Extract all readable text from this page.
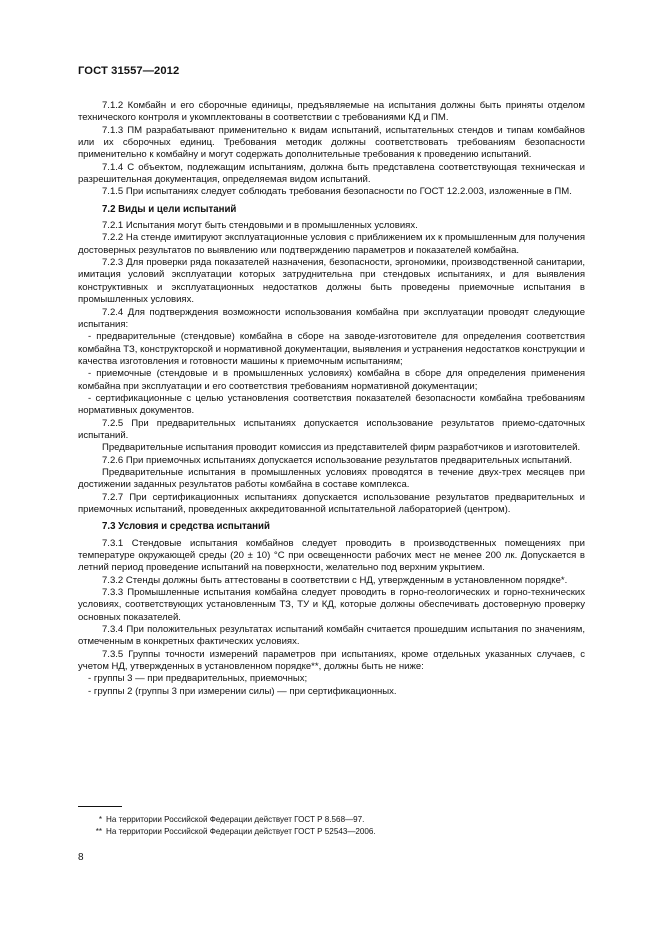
ГОСТ 31557—2012

7.1.2 Комбайн и его сборочные единицы, предъявляемые на испытания должны быть приняты отделом технического контроля и укомплектованы в соответствии с требованиями КД и ПМ.

7.1.3 ПМ разрабатывают применительно к видам испытаний, испытательных стендов и типам комбайнов или их сборочных единиц. Требования методик должны соответствовать требованиям безопасности применительно к комбайну и могут содержать дополнительные требования к проведению испытаний.

7.1.4 С объектом, подлежащим испытаниям, должна быть представлена соответствующая техническая и разрешительная документация, определяемая видом испытаний.

7.1.5 При испытаниях следует соблюдать требования безопасности по ГОСТ 12.2.003, изложенные в ПМ.

7.2 Виды и цели испытаний

7.2.1 Испытания могут быть стендовыми и в промышленных условиях.

7.2.2 На стенде имитируют эксплуатационные условия с приближением их к промышленным для получения достоверных результатов по выявлению или подтверждению параметров и показателей комбайна.

7.2.3 Для проверки ряда показателей назначения, безопасности, эргономики, производственной санитарии, имитация условий эксплуатации которых затруднительна при стендовых испытаниях, и для выявления конструктивных и эксплуатационных недостатков должны быть проведены приемочные испытания в промышленных условиях.

7.2.4 Для подтверждения возможности использования комбайна при эксплуатации проводят следующие испытания:

- предварительные (стендовые) комбайна в сборе на заводе-изготовителе для определения соответствия комбайна ТЗ, конструкторской и нормативной документации, выявления и устранения недостатков конструкции и качества изготовления и готовности машины к приемочным испытаниям;

- приемочные (стендовые и в промышленных условиях) комбайна в сборе для определения применения комбайна при эксплуатации и его соответствия требованиям нормативной документации;

- сертификационные с целью установления соответствия показателей безопасности комбайна требованиям нормативных документов.

7.2.5 При предварительных испытаниях допускается использование результатов приемо-сдаточных испытаний.

Предварительные испытания проводит комиссия из представителей фирм разработчиков и изготовителей.

7.2.6 При приемочных испытаниях допускается использование результатов предварительных испытаний.

Предварительные испытания в промышленных условиях проводятся в течение двух-трех месяцев при достижении заданных результатов работы комбайна в составе комплекса.

7.2.7 При сертификационных испытаниях допускается использование результатов предварительных и приемочных испытаний, проведенных аккредитованной испытательной лабораторией (центром).

7.3 Условия и средства испытаний

7.3.1 Стендовые испытания комбайнов следует проводить в производственных помещениях при температуре окружающей среды (20 ± 10) °С при освещенности рабочих мест не менее 200 лк. Допускается в летний период проведение испытаний на поверхности, желательно под верхним укрытием.

7.3.2 Стенды должны быть аттестованы в соответствии с НД, утвержденным в установленном порядке*.

7.3.3 Промышленные испытания комбайна следует проводить в горно-геологических и горно-технических условиях, соответствующих установленным ТЗ, ТУ и КД, которые должны обеспечивать достоверную проверку основных показателей.

7.3.4 При положительных результатах испытаний комбайн считается прошедшим испытания по значениям, отмеченным в конкретных фактических условиях.

7.3.5 Группы точности измерений параметров при испытаниях, кроме отдельных указанных случаев, с учетом НД, утвержденных в установленном порядке**, должны быть не ниже:

- группы 3 — при предварительных, приемочных;

- группы 2 (группы 3 при измерении силы) — при сертификационных.

* На территории Российской Федерации действует ГОСТ Р 8.568—97.
** На территории Российской Федерации действует ГОСТ Р 52543—2006.
8
